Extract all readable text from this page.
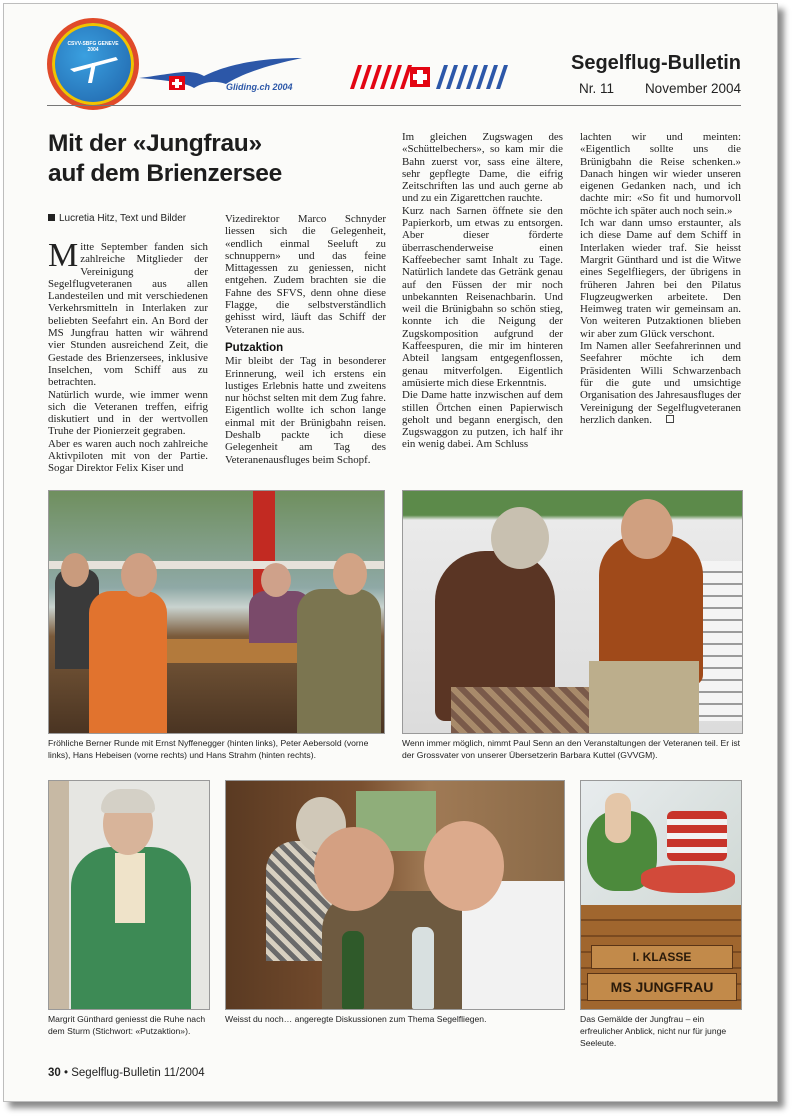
CSVV-SBFG GENEVE 2004
Gliding.ch 2004
Segelflug-Bulletin
Nr. 11	November 2004
Mit der «Jungfrau»
auf dem Brienzersee
Lucretia Hitz, Text und Bilder

Mitte September fanden sich zahlreiche Mitglieder der Vereinigung der Segelflugveteranen aus allen Landesteilen und mit verschiedenen Verkehrsmitteln in Interlaken zur beliebten Seefahrt ein. An Bord der MS Jungfrau hatten wir während vier Stunden ausreichend Zeit, die Gestade des Brienzersees, inklusive Inselchen, vom Schiff aus zu betrachten.

Natürlich wurde, wie immer wenn sich die Veteranen treffen, eifrig diskutiert und in der wertvollen Truhe der Pionierzeit gegraben.

Aber es waren auch noch zahlreiche Aktivpiloten mit von der Partie. Sogar Direktor Felix Kiser und

Vizedirektor Marco Schnyder liessen sich die Gelegenheit, «endlich einmal Seeluft zu schnuppern» und das feine Mittagessen zu geniessen, nicht entgehen. Zudem brachten sie die Fahne des SFVS, denn ohne diese Flagge, die selbstverständlich gehisst wird, läuft das Schiff der Veteranen nie aus.

Putzaktion

Mir bleibt der Tag in besonderer Erinnerung, weil ich erstens ein lustiges Erlebnis hatte und zweitens nur höchst selten mit dem Zug fahre. Eigentlich wollte ich schon lange einmal mit der Brünigbahn reisen. Deshalb packte ich diese Gelegenheit am Tag des Veteranenausfluges beim Schopf.

Im gleichen Zugswagen des «Schüttelbechers», so kam mir die Bahn zuerst vor, sass eine ältere, sehr gepflegte Dame, die eifrig Zeitschriften las und auch gerne ab und zu ein Zigarettchen rauchte.

Kurz nach Sarnen öffnete sie den Papierkorb, um etwas zu entsorgen. Aber dieser förderte überraschenderweise einen Kaffeebecher samt Inhalt zu Tage. Natürlich landete das Getränk genau auf den Füssen der mir noch unbekannten Reisenachbarin. Und weil die Brünigbahn so schön stieg, konnte ich die Neigung der Zugskomposition aufgrund der Kaffeespuren, die mir im hinteren Abteil langsam entgegenflossen, genau mitverfolgen. Eigentlich amüsierte mich diese Erkenntnis.

Die Dame hatte inzwischen auf dem stillen Örtchen einen Papierwisch geholt und begann energisch, den Zugswaggon zu putzen, ich half ihr ein wenig dabei. Am Schluss

lachten wir und meinten: «Eigentlich sollte uns die Brünigbahn die Reise schenken.» Danach hingen wir wieder unseren eigenen Gedanken nach, und ich dachte mir: «So fit und humorvoll möchte ich später auch noch sein.»

Ich war dann umso erstaunter, als ich diese Dame auf dem Schiff in Interlaken wieder traf. Sie heisst Margrit Günthard und ist die Witwe eines Segelfliegers, der übrigens in früheren Jahren bei den Pilatus Flugzeugwerken arbeitete. Den Heimweg traten wir gemeinsam an. Von weiteren Putzaktionen blieben wir aber zum Glück verschont.

Im Namen aller Seefahrerinnen und Seefahrer möchte ich dem Präsidenten Willi Schwarzenbach für die gute und umsichtige Organisation des Jahresausfluges der Vereinigung der Segelflugveteranen herzlich danken.

Fröhliche Berner Runde mit Ernst Nyffenegger (hinten links), Peter Aebersold (vorne links), Hans Hebeisen (vorne rechts) und Hans Strahm (hinten rechts).
Wenn immer möglich, nimmt Paul Senn an den Veranstaltungen der Veteranen teil. Er ist der Grossvater von unserer Übersetzerin Barbara Kuttel (GVVGM).
Margrit Günthard geniesst die Ruhe nach dem Sturm (Stichwort: «Putzaktion»).
Weisst du noch… angeregte Diskussionen zum Thema Segelfliegen.
I. KLASSE
MS JUNGFRAU
Das Gemälde der Jungfrau – ein erfreulicher Anblick, nicht nur für junge Seeleute.
30 • Segelflug-Bulletin 11/2004
